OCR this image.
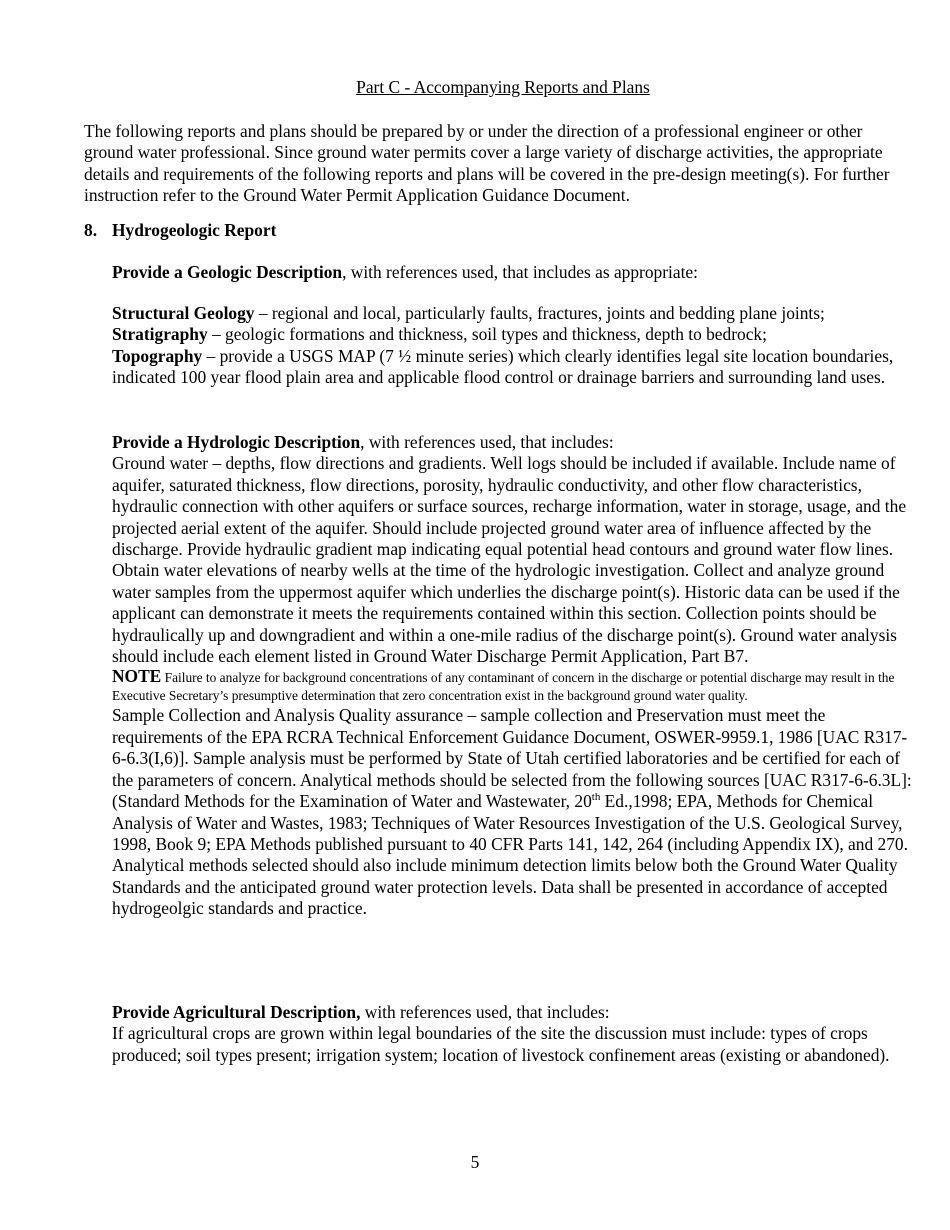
Part C - Accompanying Reports and Plans

The following reports and plans should be prepared by or under the direction of a professional engineer or other ground water professional. Since ground water permits cover a large variety of discharge activities, the appropriate details and requirements of the following reports and plans will be covered in the pre-design meeting(s). For further instruction refer to the Ground Water Permit Application Guidance Document.

8. Hydrogeologic Report

Provide a Geologic Description, with references used, that includes as appropriate:

Structural Geology – regional and local, particularly faults, fractures, joints and bedding plane joints;
Stratigraphy – geologic formations and thickness, soil types and thickness, depth to bedrock;
Topography – provide a USGS MAP (7 ½ minute series) which clearly identifies legal site location boundaries, indicated 100 year flood plain area and applicable flood control or drainage barriers and surrounding land uses.
Provide a Hydrologic Description, with references used, that includes:
Ground water – depths, flow directions and gradients. Well logs should be included if available. Include name of aquifer, saturated thickness, flow directions, porosity, hydraulic conductivity, and other flow characteristics, hydraulic connection with other aquifers or surface sources, recharge information, water in storage, usage, and the projected aerial extent of the aquifer. Should include projected ground water area of influence affected by the discharge. Provide hydraulic gradient map indicating equal potential head contours and ground water flow lines. Obtain water elevations of nearby wells at the time of the hydrologic investigation. Collect and analyze ground water samples from the uppermost aquifer which underlies the discharge point(s). Historic data can be used if the applicant can demonstrate it meets the requirements contained within this section. Collection points should be hydraulically up and downgradient and within a one-mile radius of the discharge point(s). Ground water analysis should include each element listed in Ground Water Discharge Permit Application, Part B7.
NOTE Failure to analyze for background concentrations of any contaminant of concern in the discharge or potential discharge may result in the Executive Secretary’s presumptive determination that zero concentration exist in the background ground water quality.
Sample Collection and Analysis Quality assurance – sample collection and Preservation must meet the requirements of the EPA RCRA Technical Enforcement Guidance Document, OSWER-9959.1, 1986 [UAC R317-6-6.3(I,6)]. Sample analysis must be performed by State of Utah certified laboratories and be certified for each of the parameters of concern. Analytical methods should be selected from the following sources [UAC R317-6-6.3L]: (Standard Methods for the Examination of Water and Wastewater, 20th Ed.,1998; EPA, Methods for Chemical Analysis of Water and Wastes, 1983; Techniques of Water Resources Investigation of the U.S. Geological Survey, 1998, Book 9; EPA Methods published pursuant to 40 CFR Parts 141, 142, 264 (including Appendix IX), and 270. Analytical methods selected should also include minimum detection limits below both the Ground Water Quality Standards and the anticipated ground water protection levels. Data shall be presented in accordance of accepted hydrogeolgic standards and practice.
Provide Agricultural Description, with references used, that includes:
If agricultural crops are grown within legal boundaries of the site the discussion must include: types of crops produced; soil types present; irrigation system; location of livestock confinement areas (existing or abandoned).

5
